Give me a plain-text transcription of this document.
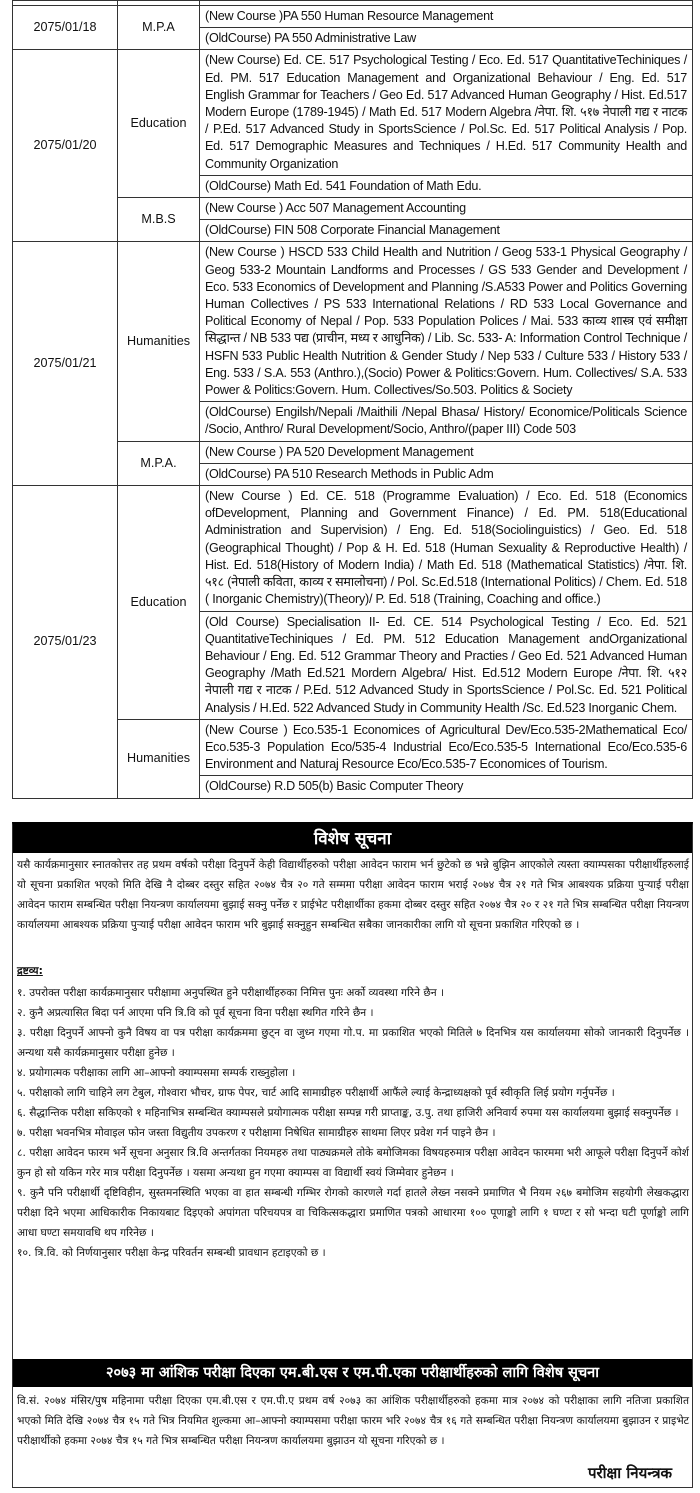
2075/01/18	M.P.A	(New Course )PA 550 Human Resource Management
		(OldCourse) PA 550 Administrative Law
2075/01/20	Education	(New Course) Ed. CE. 517 Psychological Testing / Eco. Ed. 517 QuantitativeTechiniques / Ed. PM. 517 Education Management and Organizational Behaviour / Eng. Ed. 517 English Grammar for Teachers / Geo Ed. 517 Advanced Human Geography / Hist. Ed.517 Modern Europe (1789-1945) / Math Ed. 517 Modern Algebra /नेपा. शि. ५१७ नेपाली गद्य र नाटक / P.Ed. 517 Advanced Study in SportsScience / Pol.Sc. Ed. 517 Political Analysis / Pop. Ed. 517 Demographic Measures and Techniques / H.Ed. 517 Community Health and Community Organization
		(OldCourse) Math Ed. 541 Foundation of Math Edu.
	M.B.S	(New Course ) Acc 507 Management Accounting
		(OldCourse) FIN 508 Corporate Financial Management
2075/01/21	Humanities	(New Course ) HSCD 533 Child Health and Nutrition / Geog 533-1 Physical Geography / Geog 533-2 Mountain Landforms and Processes / GS 533 Gender and Development / Eco. 533 Economics of Development and Planning /S.A533 Power and Politics Governing Human Collectives / PS 533 International Relations / RD 533 Local Governance and Political Economy of Nepal / Pop. 533 Population Polices / Mai. 533 काव्य शास्त्र एवं समीक्षा सिद्धान्त / NB 533 पद्य (प्राचीन, मध्य र आधुनिक) / Lib. Sc. 533- A: Information Control Technique / HSFN 533 Public Health Nutrition & Gender Study / Nep 533 / Culture 533 / History 533 / Eng. 533 / S.A. 553 (Anthro.),(Socio) Power & Politics:Govern. Hum. Collectives/ S.A. 533 Power & Politics:Govern. Hum. Collectives/So.503. Politics & Society
		(OldCourse) Engilsh/Nepali /Maithili /Nepal Bhasa/ History/ Economice/Politicals Science /Socio, Anthro/ Rural Development/Socio, Anthro/(paper III) Code 503
	M.P.A.	(New Course ) PA 520 Development Management
		(OldCourse) PA 510 Research Methods in Public Adm
2075/01/23	Education	(New Course ) Ed. CE. 518 (Programme Evaluation) / Eco. Ed. 518 (Economics ofDevelopment, Planning and Government Finance) / Ed. PM. 518(Educational Administration and Supervision) / Eng. Ed. 518(Sociolinguistics) / Geo. Ed. 518 (Geographical Thought) / Pop & H. Ed. 518 (Human Sexuality & Reproductive Health) / Hist. Ed. 518(History of Modern India) / Math Ed. 518 (Mathematical Statistics) /नेपा. शि. ५१८ (नेपाली कविता, काव्य र समालोचना) / Pol. Sc.Ed.518 (International Politics) / Chem. Ed. 518 ( Inorganic Chemistry)(Theory)/ P. Ed. 518 (Training, Coaching and office.)
		(Old Course) Specialisation II- Ed. CE. 514 Psychological Testing / Eco. Ed. 521 QuantitativeTechiniques / Ed. PM. 512 Education Management andOrganizational Behaviour / Eng. Ed. 512 Grammar Theory and Practies / Geo Ed. 521 Advanced Human Geography /Math Ed.521 Mordern Algebra/ Hist. Ed.512 Modern Europe /नेपा. शि. ५१२ नेपाली गद्य र नाटक / P.Ed. 512 Advanced Study in SportsScience / Pol.Sc. Ed. 521 Political Analysis / H.Ed. 522 Advanced Study in Community Health /Sc. Ed.523 Inorganic Chem.
	Humanities	(New Course ) Eco.535-1 Economices of Agricultural Dev/Eco.535-2Mathematical Eco/ Eco.535-3 Population Eco/535-4 Industrial Eco/Eco.535-5 International Eco/Eco.535-6 Environment and Naturaj Resource Eco/Eco.535-7 Economices of Tourism.
		(OldCourse) R.D 505(b) Basic Computer Theory
विशेष सूचना
यसै कार्यक्रमानुसार स्नातकोत्तर तह प्रथम वर्षको परीक्षा दिनुपर्ने केही विद्यार्थीहरुको परीक्षा आवेदन फाराम भर्न छुटेको छ भन्ने बुझिन आएकोले त्यस्ता क्याम्पसका परीक्षार्थीहरुलाई यो सूचना प्रकाशित भएको मिति देखि नै दोब्बर दस्तुर सहित २०७४ चैत्र २० गते सम्ममा परीक्षा आवेदन फाराम भराई २०७४ चैत्र २१ गते भित्र आबश्यक प्रक्रिया पुऱ्याई परीक्षा आवेदन फाराम सम्बन्धित परीक्षा नियन्त्रण कार्यालयमा बुझाई सक्नु पर्नेछ र प्राईभेट परीक्षार्थीका हकमा दोब्बर दस्तुर सहित २०७४ चैत्र २० र २१ गते भित्र सम्बन्धित परीक्षा नियन्त्रण कार्यालयमा आबश्यक प्रक्रिया पुऱ्याई परीक्षा आवेदन फाराम भरि बुझाई सक्नुहुन सम्बन्धित सबैका जानकारीका लागि यो सूचना प्रकाशित गरिएको छ ।
द्रष्टव्य:
१. उपरोक्त परीक्षा कार्यक्रमानुसार परीक्षामा अनुपस्थित हुने परीक्षार्थीहरुका निमित्त पुनः अर्को व्यवस्था गरिने छैन ।
२. कुनै अप्रत्यासित बिदा पर्न आएमा पनि त्रि.वि को पूर्व सूचना विना परीक्षा स्थगित गरिने छैन ।
३. परीक्षा दिनुपर्ने आफ्नो कुनै विषय वा पत्र परीक्षा कार्यक्रममा छुट्न वा जुध्न गएमा गो.प. मा प्रकाशित भएको मितिले ७ दिनभित्र यस कार्यालयमा सोको जानकारी दिनुपर्नेछ । अन्यथा यसै कार्यक्रमानुसार परीक्षा हुनेछ ।
४. प्रयोगात्मक परीक्षाका लागि आ–आफ्नो क्याम्पसमा सम्पर्क राख्नुहोला ।
५. परीक्षाको लागि चाहिने लग टेबुल, गोश्वारा भौचर, ग्राफ पेपर, चार्ट आदि सामाग्रीहरु परीक्षार्थी आफैंले ल्याई केन्द्राध्यक्षको पूर्व स्वीकृति लिई प्रयोग गर्नुपर्नेछ ।
६. सैद्धान्तिक परीक्षा सकिएको १ महिनाभित्र सम्बन्धित क्याम्पसले प्रयोगात्मक परीक्षा सम्पन्न गरी प्राप्ताङ्क, उ.पु. तथा हाजिरी अनिवार्य रुपमा यस कार्यालयमा बुझाई सक्नुपर्नेछ ।
७. परीक्षा भवनभित्र मोवाइल फोन जस्ता विद्युतीय उपकरण र परीक्षामा निषेधित सामाग्रीहरु साथमा लिएर प्रवेश गर्न पाइने छैन ।
८. परीक्षा आवेदन फारम भर्ने सूचना अनुसार त्रि.वि अन्तर्गतका नियमहरु तथा पाठ्यक्रमले तोके बमोजिमका विषयहरुमात्र परीक्षा आवेदन फारममा भरी आफूले परीक्षा दिनुपर्ने कोर्श कुन हो सो यकिन गरेर मात्र परीक्षा दिनुपर्नेछ । यसमा अन्यथा हुन गएमा क्याम्पस वा विद्यार्थी स्वयं जिम्मेवार हुनेछन ।
९. कुनै पनि परीक्षार्थी दृष्टिविहीन, सुस्तमनस्थिति भएका वा हात सम्बन्धी गम्भिर रोगको कारणले गर्दा हातले लेख्न नसक्ने प्रमाणित भै नियम २६७ बमोजिम सहयोगी लेखकद्धारा परीक्षा दिने भएमा आधिकारीक निकायबाट दिइएको अपांगता परिचयपत्र वा चिकित्सकद्धारा प्रमाणित पत्रको आधारमा १०० पूणाङ्को लागि १ घण्टा र सो भन्दा घटी पूर्णाङ्को लागि आधा घण्टा समयावधि थप गरिनेछ ।
१०. त्रि.वि. को निर्णयानुसार परीक्षा केन्द्र परिवर्तन सम्बन्धी प्रावधान हटाइएको छ ।
२०७३ मा आंशिक परीक्षा दिएका एम.बी.एस र एम.पी.एका परीक्षार्थीहरुको लागि विशेष सूचना
वि.सं. २०७४ मंसिर/पुष महिनामा परीक्षा दिएका एम.बी.एस र एम.पी.ए प्रथम वर्ष २०७३ का आंशिक परीक्षार्थीहरुको हकमा मात्र २०७४ को परीक्षाका लागि नतिजा प्रकाशित भएको मिति देखि २०७४ चैत्र १५ गते भित्र नियमित शुल्कमा आ–आफ्नो क्याम्पसमा परीक्षा फारम भरि २०७४ चैत्र १६ गते सम्बन्धित परीक्षा नियन्त्रण कार्यालयमा बुझाउन र प्राइभेट परीक्षार्थीको हकमा २०७४ चैत्र १५ गते भित्र सम्बन्धित परीक्षा नियन्त्रण कार्यालयमा बुझाउन यो सूचना गरिएको छ ।
परीक्षा नियन्त्रक
